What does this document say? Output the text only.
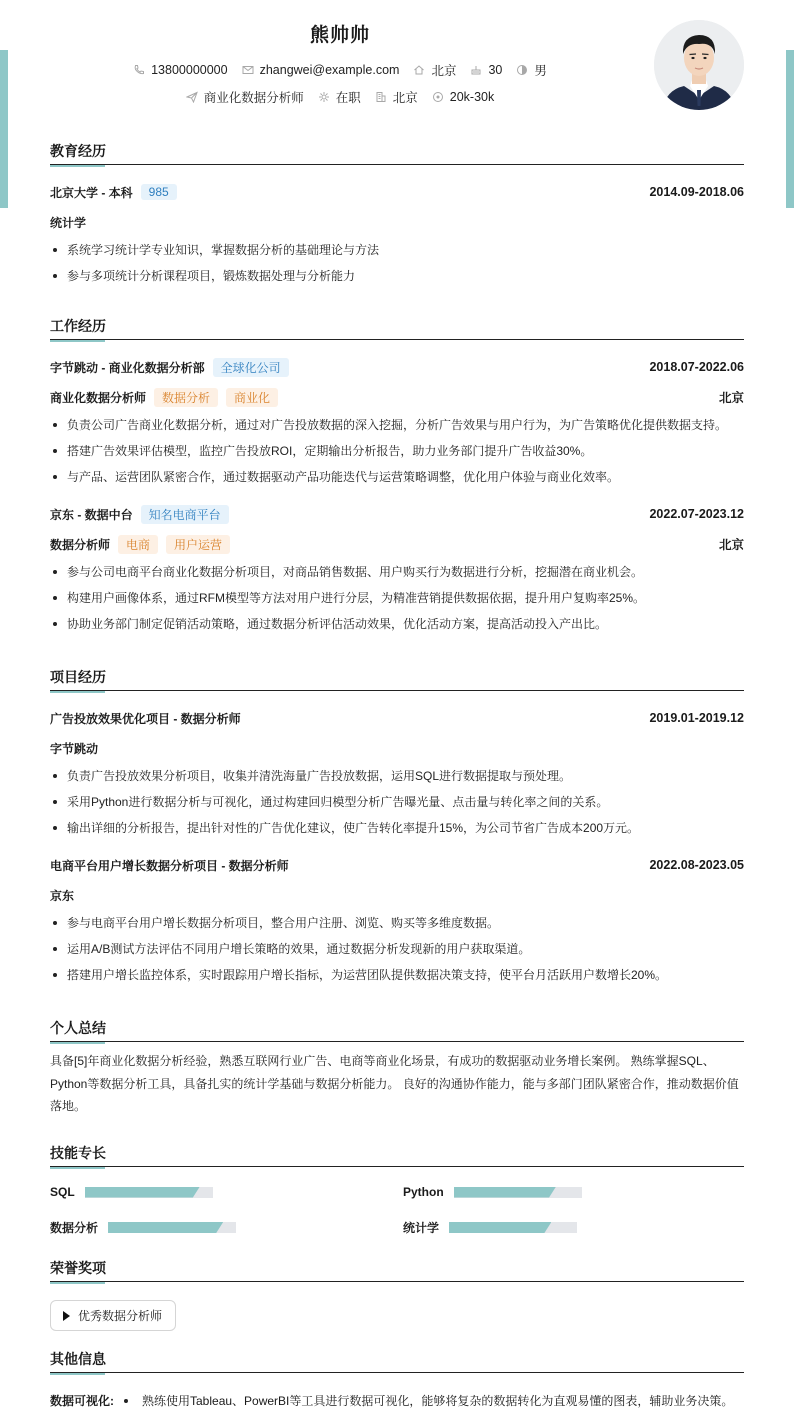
熊帅帅
13800000000	zhangwei@example.com	北京	30	男
商业化数据分析师	在职	北京	20k-30k
教育经历
北京大学 - 本科	985	2014.09-2018.06
统计学
系统学习统计学专业知识，掌握数据分析的基础理论与方法
参与多项统计分析课程项目，锻炼数据处理与分析能力
工作经历
字节跳动 - 商业化数据分析部	全球化公司	2018.07-2022.06
商业化数据分析师	数据分析	商业化	北京
负责公司广告商业化数据分析，通过对广告投放数据的深入挖掘，分析广告效果与用户行为，为广告策略优化提供数据支持。
搭建广告效果评估模型，监控广告投放ROI，定期输出分析报告，助力业务部门提升广告收益30%。
与产品、运营团队紧密合作，通过数据驱动产品功能迭代与运营策略调整，优化用户体验与商业化效率。
京东 - 数据中台	知名电商平台	2022.07-2023.12
数据分析师	电商	用户运营	北京
参与公司电商平台商业化数据分析项目，对商品销售数据、用户购买行为数据进行分析，挖掘潜在商业机会。
构建用户画像体系，通过RFM模型等方法对用户进行分层，为精准营销提供数据依据，提升用户复购率25%。
协助业务部门制定促销活动策略，通过数据分析评估活动效果，优化活动方案，提高活动投入产出比。
项目经历
广告投放效果优化项目 - 数据分析师	2019.01-2019.12
字节跳动
负责广告投放效果分析项目，收集并清洗海量广告投放数据，运用SQL进行数据提取与预处理。
采用Python进行数据分析与可视化，通过构建回归模型分析广告曝光量、点击量与转化率之间的关系。
输出详细的分析报告，提出针对性的广告优化建议，使广告转化率提升15%，为公司节省广告成本200万元。
电商平台用户增长数据分析项目 - 数据分析师	2022.08-2023.05
京东
参与电商平台用户增长数据分析项目，整合用户注册、浏览、购买等多维度数据。
运用A/B测试方法评估不同用户增长策略的效果，通过数据分析发现新的用户获取渠道。
搭建用户增长监控体系，实时跟踪用户增长指标，为运营团队提供数据决策支持，使平台月活跃用户数增长20%。
个人总结
具备[5]年商业化数据分析经验，熟悉互联网行业广告、电商等商业化场景，有成功的数据驱动业务增长案例。 熟练掌握SQL、Python等数据分析工具，具备扎实的统计学基础与数据分析能力。 良好的沟通协作能力，能与多部门团队紧密合作，推动数据价值落地。
技能专长
SQL	Python
数据分析	统计学
荣誉奖项
优秀数据分析师
其他信息
数据可视化: 熟练使用Tableau、PowerBI等工具进行数据可视化，能够将复杂的数据转化为直观易懂的图表，辅助业务决策。
